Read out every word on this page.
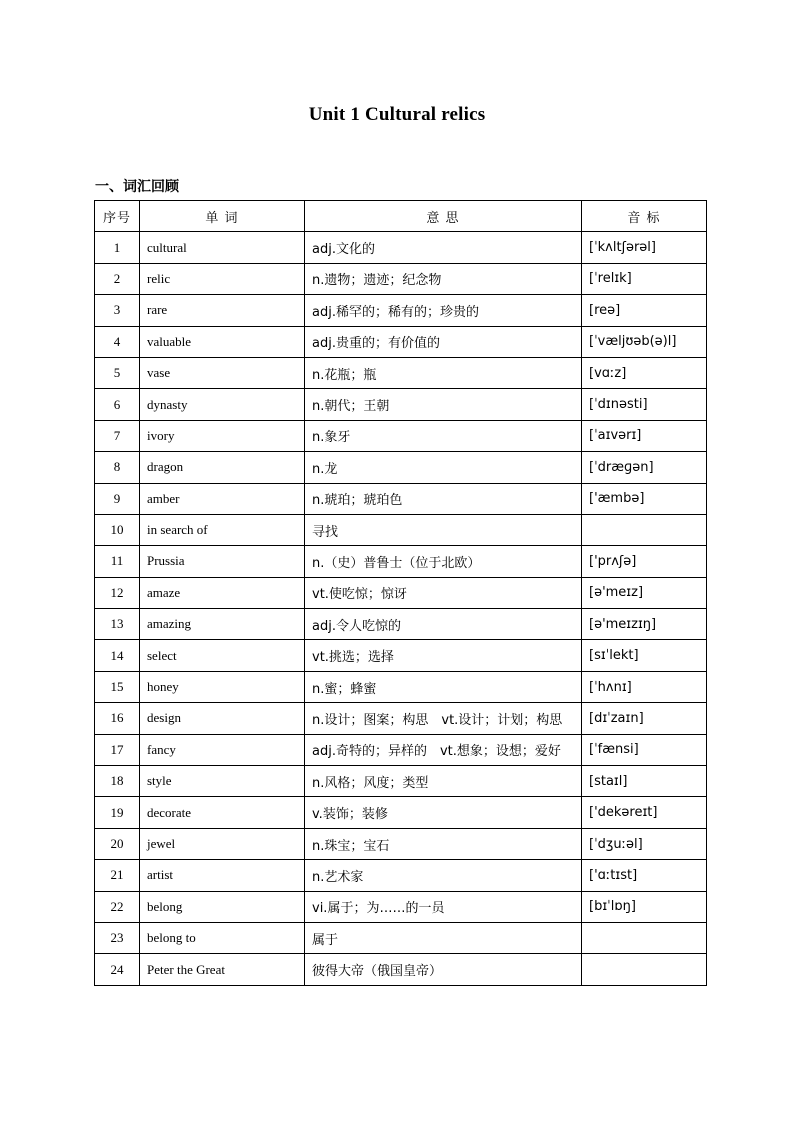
Unit 1 Cultural relics
一、词汇回顾
序号	单 词	意 思	音 标
1	cultural	adj.文化的	[ˈkʌltʃərəl]
2	relic	n.遗物；遗迹；纪念物	[ˈrelɪk]
3	rare	adj.稀罕的；稀有的；珍贵的	[reə]
4	valuable	adj.贵重的；有价值的	[ˈvæljʊəb(ə)l]
5	vase	n.花瓶；瓶	[vɑːz]
6	dynasty	n.朝代；王朝	[ˈdɪnəsti]
7	ivory	n.象牙	[ˈaɪvərɪ]
8	dragon	n.龙	[ˈdræɡən]
9	amber	n.琥珀；琥珀色	['æmbə]
10	in search of	寻找	
11	Prussia	n.（史）普鲁士（位于北欧）	['prʌʃə]
12	amaze	vt.使吃惊；惊讶	[ə'meɪz]
13	amazing	adj.令人吃惊的	[ə'meɪzɪŋ]
14	select	vt.挑选；选择	[sɪˈlekt]
15	honey	n.蜜；蜂蜜	[ˈhʌnɪ]
16	design	n.设计；图案；构思　vt.设计；计划；构思	[dɪˈzaɪn]
17	fancy	adj.奇特的；异样的　vt.想象；设想；爱好	[ˈfænsi]
18	style	n.风格；风度；类型	[staɪl]
19	decorate	v.装饰；装修	['dekəreɪt]
20	jewel	n.珠宝；宝石	[ˈdʒuːəl]
21	artist	n.艺术家	['ɑːtɪst]
22	belong	vi.属于；为……的一员	[bɪˈlɒŋ]
23	belong to	属于	
24	Peter the Great	彼得大帝（俄国皇帝）	
